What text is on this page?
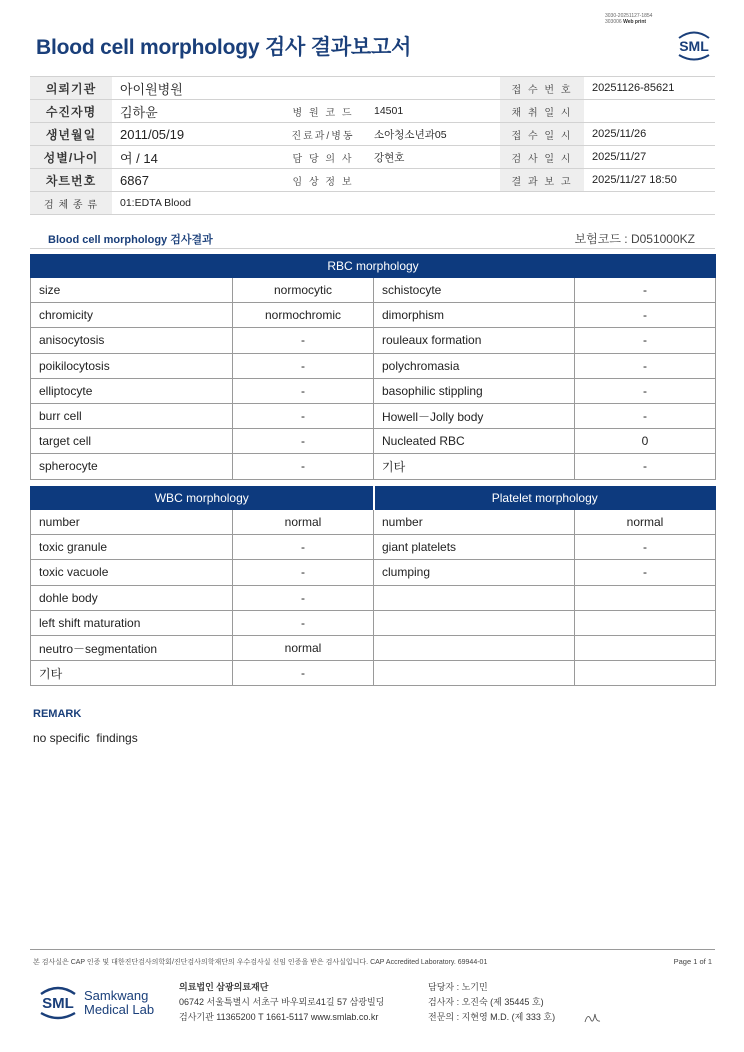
3030-20251127-1854
303006 Web print
Blood cell morphology 검사 결과보고서	SML
의뢰기관	아이원병원			접 수 번 호	20251126-85621
수진자명	김하윤	병 원 코 드	14501	채 취 일 시	
생년월일	2011/05/19	진료과/병동	소아청소년과05	접 수 일 시	2025/11/26
성별/나이	여 / 14	담 당 의 사	강현호	검 사 일 시	2025/11/27
차트번호	6867	임 상 정 보		결 과 보 고	2025/11/27 18:50
검 체 종 류	01:EDTA Blood				
Blood cell morphology 검사결과	보험코드 : D051000KZ
RBC morphology			
size	normocytic	schistocyte	-
chromicity	normochromic	dimorphism	-
anisocytosis	-	rouleaux formation	-
poikilocytosis	-	polychromasia	-
elliptocyte	-	basophilic stippling	-
burr cell	-	Howell－Jolly body	-
target cell	-	Nucleated RBC	0
spherocyte	-	기타	-
WBC morphology		Platelet morphology	
number	normal	number	normal
toxic granule	-	giant platelets	-
toxic vacuole	-	clumping	-
dohle body	-		
left shift maturation	-		
neutro－segmentation	normal		
기타	-		
REMARK
no specific  findings
본 검사실은 CAP 인증 및 대한진단검사의학회/진단검사의학재단의 우수검사실 신임 인증을 받은 검사실입니다. CAP Accredited Laboratory. 69944-01	Page 1 of 1
SML Samkwang
Medical Lab
의료법인 삼광의료재단
06742 서울특별시 서초구 바우뫼로41길 57 삼광빌딩
검사기관 11365200 T 1661-5117 www.smlab.co.kr
담당자 : 노기민
검사자 : 오진숙 (제 35445 호)
전문의 : 지현영 M.D. (제 333 호)
